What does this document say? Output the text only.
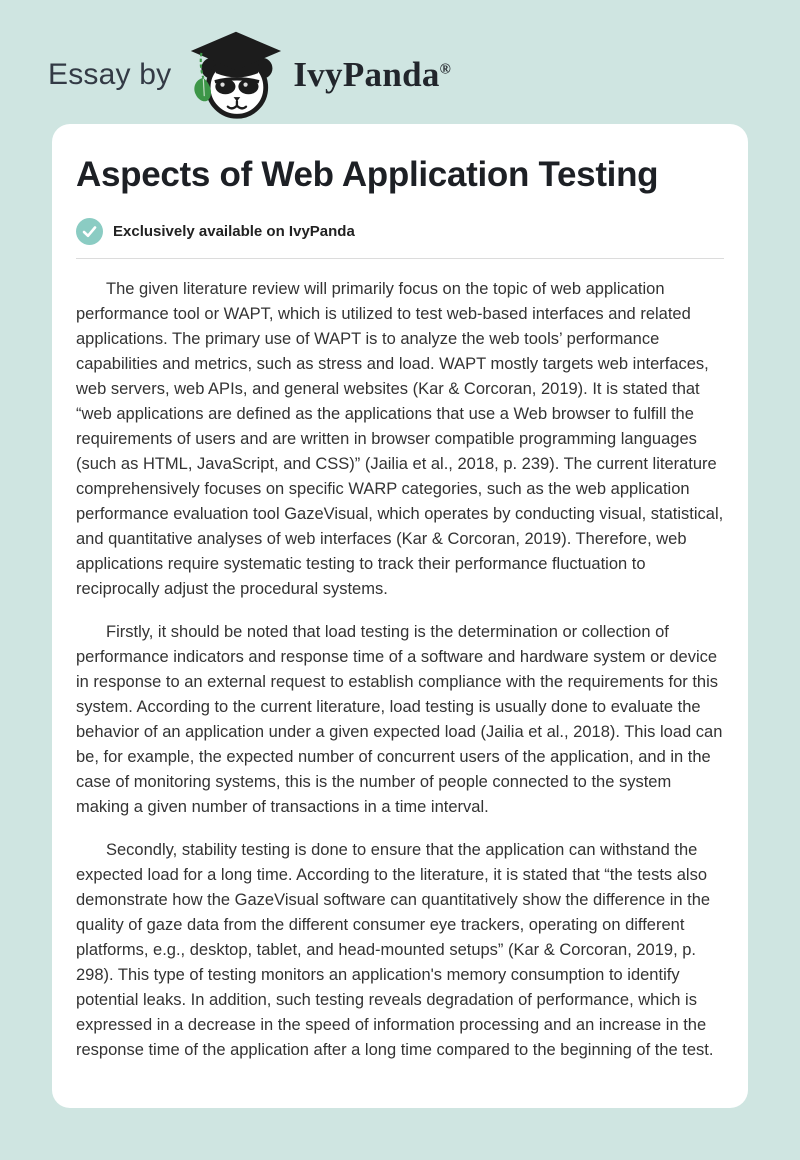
Essay by	IvyPanda®
Aspects of Web Application Testing
Exclusively available on IvyPanda

The given literature review will primarily focus on the topic of web application performance tool or WAPT, which is utilized to test web-based interfaces and related applications. The primary use of WAPT is to analyze the web tools’ performance capabilities and metrics, such as stress and load. WAPT mostly targets web interfaces, web servers, web APIs, and general websites (Kar & Corcoran, 2019). It is stated that “web applications are defined as the applications that use a Web browser to fulfill the requirements of users and are written in browser compatible programming languages (such as HTML, JavaScript, and CSS)” (Jailia et al., 2018, p. 239). The current literature comprehensively focuses on specific WARP categories, such as the web application performance evaluation tool GazeVisual, which operates by conducting visual, statistical, and quantitative analyses of web interfaces (Kar & Corcoran, 2019). Therefore, web applications require systematic testing to track their performance fluctuation to reciprocally adjust the procedural systems.

Firstly, it should be noted that load testing is the determination or collection of performance indicators and response time of a software and hardware system or device in response to an external request to establish compliance with the requirements for this system. According to the current literature, load testing is usually done to evaluate the behavior of an application under a given expected load (Jailia et al., 2018). This load can be, for example, the expected number of concurrent users of the application, and in the case of monitoring systems, this is the number of people connected to the system making a given number of transactions in a time interval.

Secondly, stability testing is done to ensure that the application can withstand the expected load for a long time. According to the literature, it is stated that “the tests also demonstrate how the GazeVisual software can quantitatively show the difference in the quality of gaze data from the different consumer eye trackers, operating on different platforms, e.g., desktop, tablet, and head-mounted setups” (Kar & Corcoran, 2019, p. 298). This type of testing monitors an application's memory consumption to identify potential leaks. In addition, such testing reveals degradation of performance, which is expressed in a decrease in the speed of information processing and an increase in the response time of the application after a long time compared to the beginning of the test.
